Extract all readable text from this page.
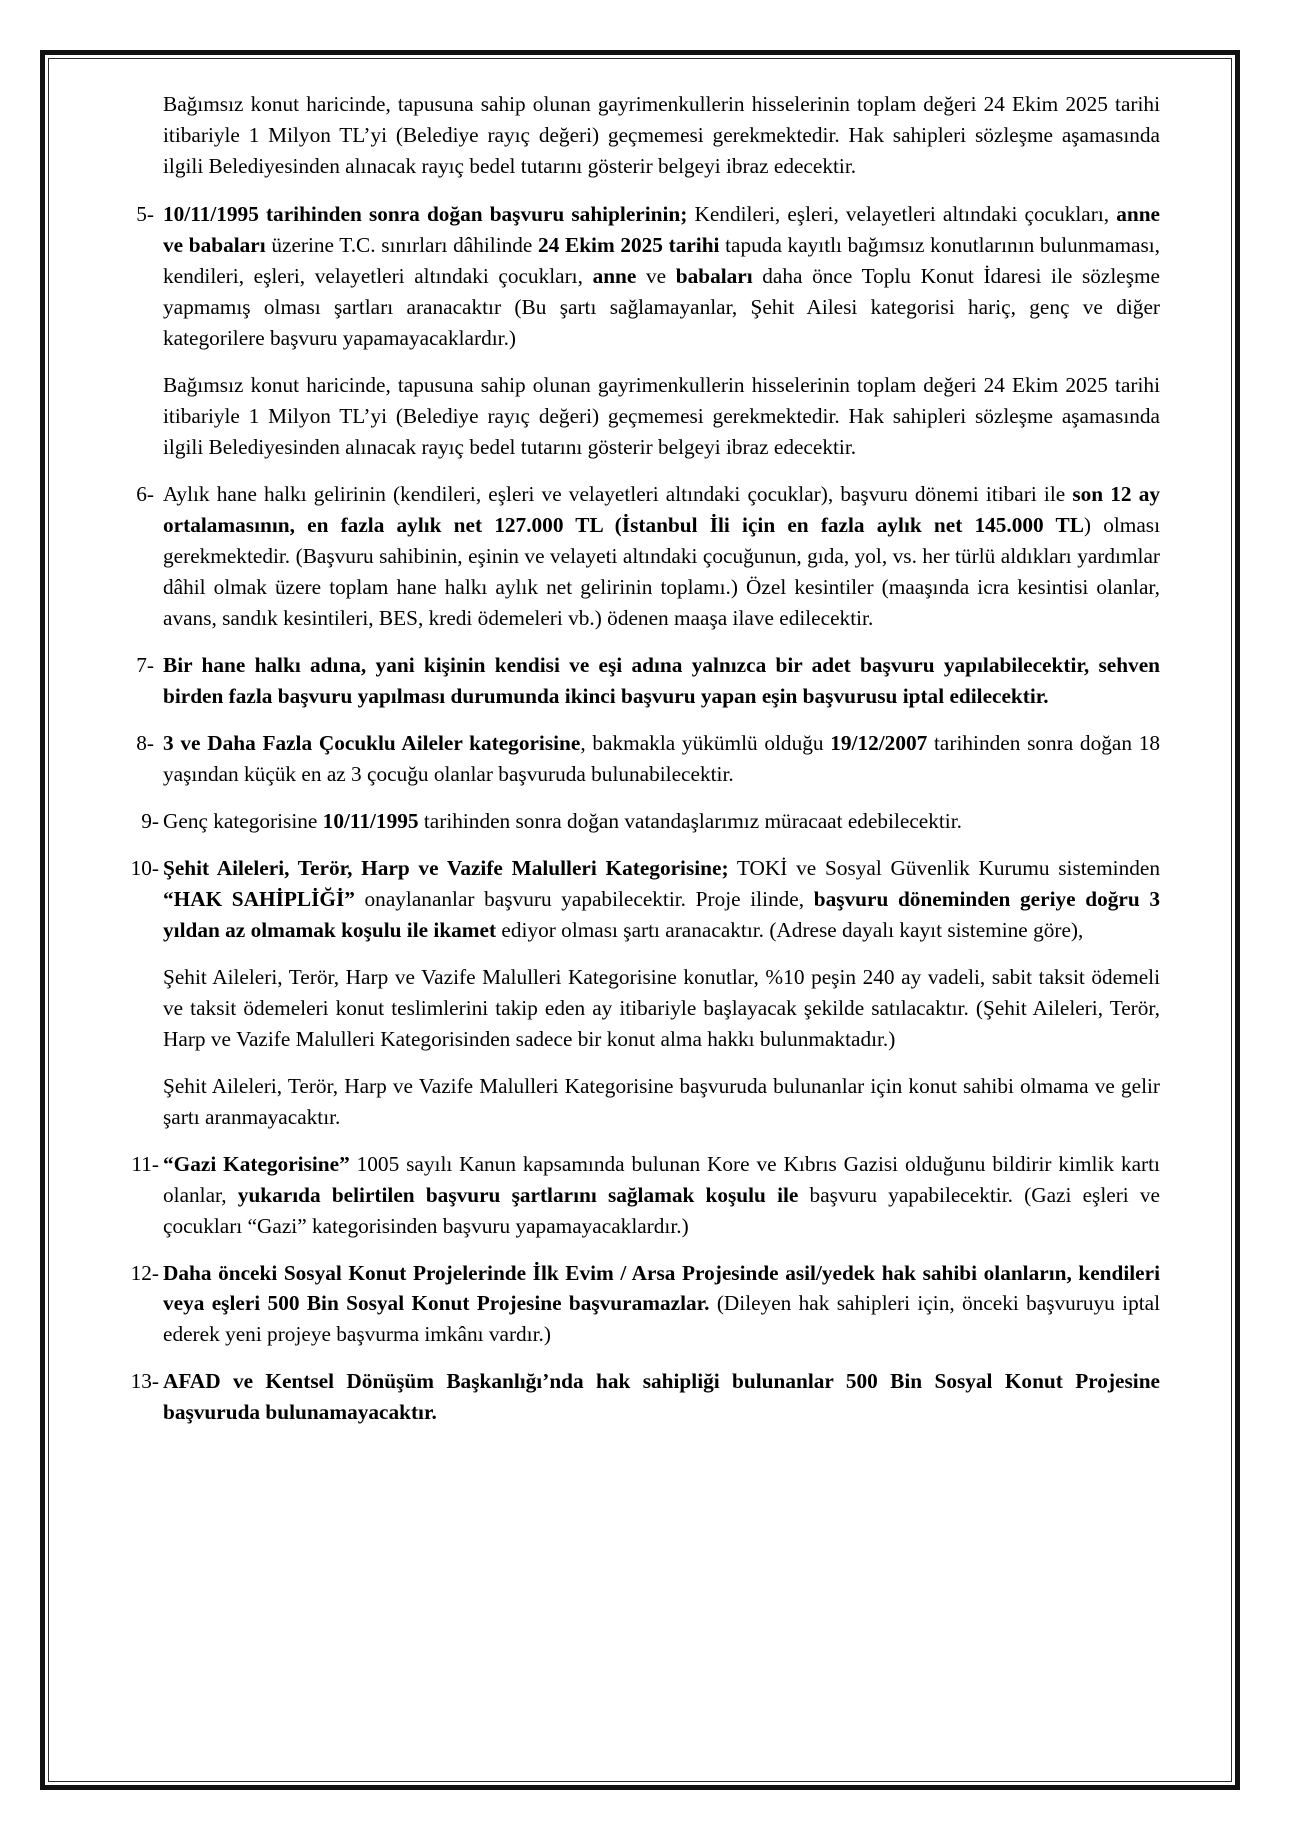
Bağımsız konut haricinde, tapusuna sahip olunan gayrimenkullerin hisselerinin toplam değeri 24 Ekim 2025 tarihi itibariyle 1 Milyon TL’yi (Belediye rayıç değeri) geçmemesi gerekmektedir. Hak sahipleri sözleşme aşamasında ilgili Belediyesinden alınacak rayıç bedel tutarını gösterir belgeyi ibraz edecektir.

5- 10/11/1995 tarihinden sonra doğan başvuru sahiplerinin; Kendileri, eşleri, velayetleri altındaki çocukları, anne ve babaları üzerine T.C. sınırları dâhilinde 24 Ekim 2025 tarihi tapuda kayıtlı bağımsız konutlarının bulunmaması, kendileri, eşleri, velayetleri altındaki çocukları, anne ve babaları daha önce Toplu Konut İdaresi ile sözleşme yapmamış olması şartları aranacaktır (Bu şartı sağlamayanlar, Şehit Ailesi kategorisi hariç, genç ve diğer kategorilere başvuru yapamayacaklardır.)

Bağımsız konut haricinde, tapusuna sahip olunan gayrimenkullerin hisselerinin toplam değeri 24 Ekim 2025 tarihi itibariyle 1 Milyon TL’yi (Belediye rayıç değeri) geçmemesi gerekmektedir. Hak sahipleri sözleşme aşamasında ilgili Belediyesinden alınacak rayıç bedel tutarını gösterir belgeyi ibraz edecektir.

6- Aylık hane halkı gelirinin (kendileri, eşleri ve velayetleri altındaki çocuklar), başvuru dönemi itibari ile son 12 ay ortalamasının, en fazla aylık net 127.000 TL (İstanbul İli için en fazla aylık net 145.000 TL) olması gerekmektedir. (Başvuru sahibinin, eşinin ve velayeti altındaki çocuğunun, gıda, yol, vs. her türlü aldıkları yardımlar dâhil olmak üzere toplam hane halkı aylık net gelirinin toplamı.) Özel kesintiler (maaşında icra kesintisi olanlar, avans, sandık kesintileri, BES, kredi ödemeleri vb.) ödenen maaşa ilave edilecektir.

7- Bir hane halkı adına, yani kişinin kendisi ve eşi adına yalnızca bir adet başvuru yapılabilecektir, sehven birden fazla başvuru yapılması durumunda ikinci başvuru yapan eşin başvurusu iptal edilecektir.

8- 3 ve Daha Fazla Çocuklu Aileler kategorisine, bakmakla yükümlü olduğu 19/12/2007 tarihinden sonra doğan 18 yaşından küçük en az 3 çocuğu olanlar başvuruda bulunabilecektir.

9- Genç kategorisine 10/11/1995 tarihinden sonra doğan vatandaşlarımız müracaat edebilecektir.

10- Şehit Aileleri, Terör, Harp ve Vazife Malulleri Kategorisine; TOKİ ve Sosyal Güvenlik Kurumu sisteminden “HAK SAHİPLİĞİ” onaylananlar başvuru yapabilecektir. Proje ilinde, başvuru döneminden geriye doğru 3 yıldan az olmamak koşulu ile ikamet ediyor olması şartı aranacaktır. (Adrese dayalı kayıt sistemine göre),

Şehit Aileleri, Terör, Harp ve Vazife Malulleri Kategorisine konutlar, %10 peşin 240 ay vadeli, sabit taksit ödemeli ve taksit ödemeleri konut teslimlerini takip eden ay itibariyle başlayacak şekilde satılacaktır. (Şehit Aileleri, Terör, Harp ve Vazife Malulleri Kategorisinden sadece bir konut alma hakkı bulunmaktadır.)

Şehit Aileleri, Terör, Harp ve Vazife Malulleri Kategorisine başvuruda bulunanlar için konut sahibi olmama ve gelir şartı aranmayacaktır.

11- “Gazi Kategorisine” 1005 sayılı Kanun kapsamında bulunan Kore ve Kıbrıs Gazisi olduğunu bildirir kimlik kartı olanlar, yukarıda belirtilen başvuru şartlarını sağlamak koşulu ile başvuru yapabilecektir. (Gazi eşleri ve çocukları “Gazi” kategorisinden başvuru yapamayacaklardır.)

12- Daha önceki Sosyal Konut Projelerinde İlk Evim / Arsa Projesinde asil/yedek hak sahibi olanların, kendileri veya eşleri 500 Bin Sosyal Konut Projesine başvuramazlar. (Dileyen hak sahipleri için, önceki başvuruyu iptal ederek yeni projeye başvurma imkânı vardır.)

13- AFAD ve Kentsel Dönüşüm Başkanlığı’nda hak sahipliği bulunanlar 500 Bin Sosyal Konut Projesine başvuruda bulunamayacaktır.
